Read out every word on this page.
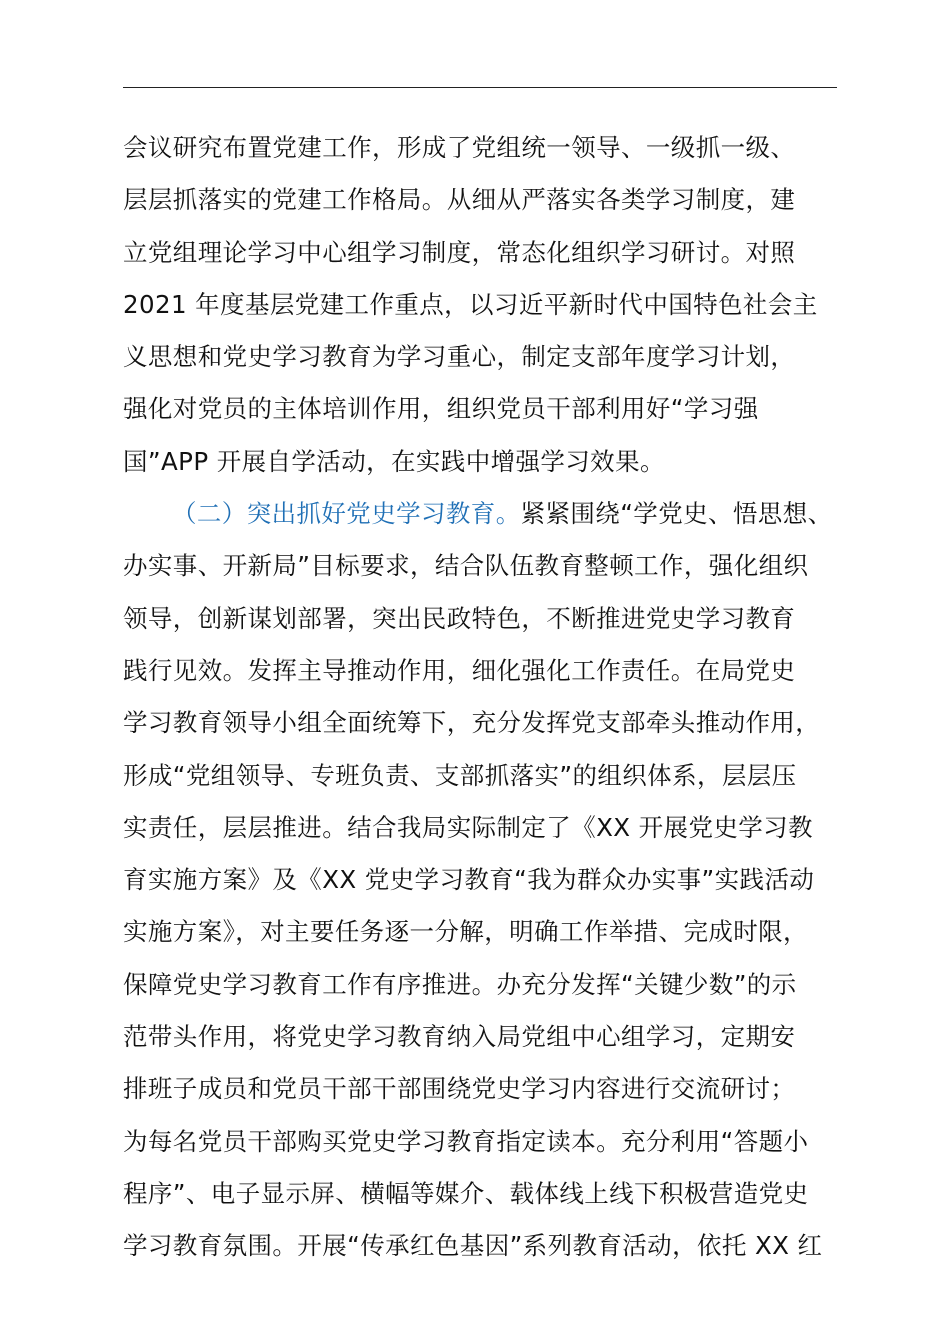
会议研究布置党建工作，形成了党组统一领导、一级抓一级、
层层抓落实的党建工作格局。从细从严落实各类学习制度，建
立党组理论学习中心组学习制度，常态化组织学习研讨。对照
2021 年度基层党建工作重点，以习近平新时代中国特色社会主
义思想和党史学习教育为学习重心，制定支部年度学习计划，
强化对党员的主体培训作用，组织党员干部利用好“学习强
国”APP 开展自学活动，在实践中增强学习效果。
（二）突出抓好党史学习教育。紧紧围绕“学党史、悟思想、
办实事、开新局”目标要求，结合队伍教育整顿工作，强化组织
领导，创新谋划部署，突出民政特色，不断推进党史学习教育
践行见效。发挥主导推动作用，细化强化工作责任。在局党史
学习教育领导小组全面统筹下，充分发挥党支部牵头推动作用，
形成“党组领导、专班负责、支部抓落实”的组织体系，层层压
实责任，层层推进。结合我局实际制定了《XX 开展党史学习教
育实施方案》及《XX 党史学习教育“我为群众办实事”实践活动
实施方案》，对主要任务逐一分解，明确工作举措、完成时限，
保障党史学习教育工作有序推进。办充分发挥“关键少数”的示
范带头作用，将党史学习教育纳入局党组中心组学习，定期安
排班子成员和党员干部干部围绕党史学习内容进行交流研讨；
为每名党员干部购买党史学习教育指定读本。充分利用“答题小
程序”、电子显示屏、横幅等媒介、载体线上线下积极营造党史
学习教育氛围。开展“传承红色基因”系列教育活动，依托 XX 红
